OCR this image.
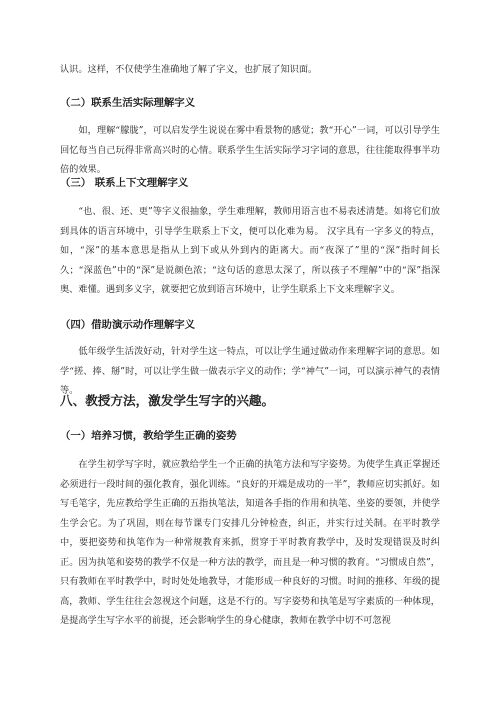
认识。这样，不仅使学生准确地了解了字义，也扩展了知识面。
（二）联系生活实际理解字义
如，理解“朦胧”，可以启发学生说说在雾中看景物的感觉；教“开心”一词，可以引导学生回忆每当自己玩得非常高兴时的心情。联系学生生活实际学习字词的意思，往往能取得事半功倍的效果。
（三） 联系上下文理解字义
“也、很、还、更”等字义很抽象，学生难理解，教师用语言也不易表述清楚。如将它们放到具体的语言环境中，引导学生联系上下文，便可以化难为易。 汉字具有一字多义的特点，如，“深”的基本意思是指从上到下或从外到内的距离大。而“夜深了”里的“深”指时间长久；“深蓝色”中的“深”是说颜色浓；“这句话的意思太深了，所以孩子不理解”中的“深”指深奥、难懂。遇到多义字，就要把它放到语言环境中，让学生联系上下文来理解字义。
（四）借助演示动作理解字义
低年级学生活泼好动，针对学生这一特点，可以让学生通过做动作来理解字词的意思。如学“搓、捧、掰”时，可以让学生做一做表示字义的动作；学“神气”一词，可以演示神气的表情等。
八、教授方法，激发学生写字的兴趣。
（一）培养习惯，教给学生正确的姿势
在学生初学写字时，就应教给学生一个正确的执笔方法和写字姿势。为使学生真正掌握还必须进行一段时间的强化教育，强化训练。“良好的开端是成功的一半”，教师应切实抓好。如写毛笔字，先应教给学生正确的五指执笔法，知道各手指的作用和执笔、坐姿的要领，并使学生学会它。为了巩固，则在每节课专门安排几分钟检查，纠正，并实行过关制。在平时教学中，要把姿势和执笔作为一种常规教育来抓，贯穿于平时教育教学中，及时发现错误及时纠正。因为执笔和姿势的教学不仅是一种方法的教学，而且是一种习惯的教育。“习惯成自然”，只有教师在平时教学中，时时处处地教导，才能形成一种良好的习惯。时间的推移、年级的提高，教师、学生往往会忽视这个问题，这是不行的。写字姿势和执笔是写字素质的一种体现，是提高学生写字水平的前提，还会影响学生的身心健康，教师在教学中切不可忽视
